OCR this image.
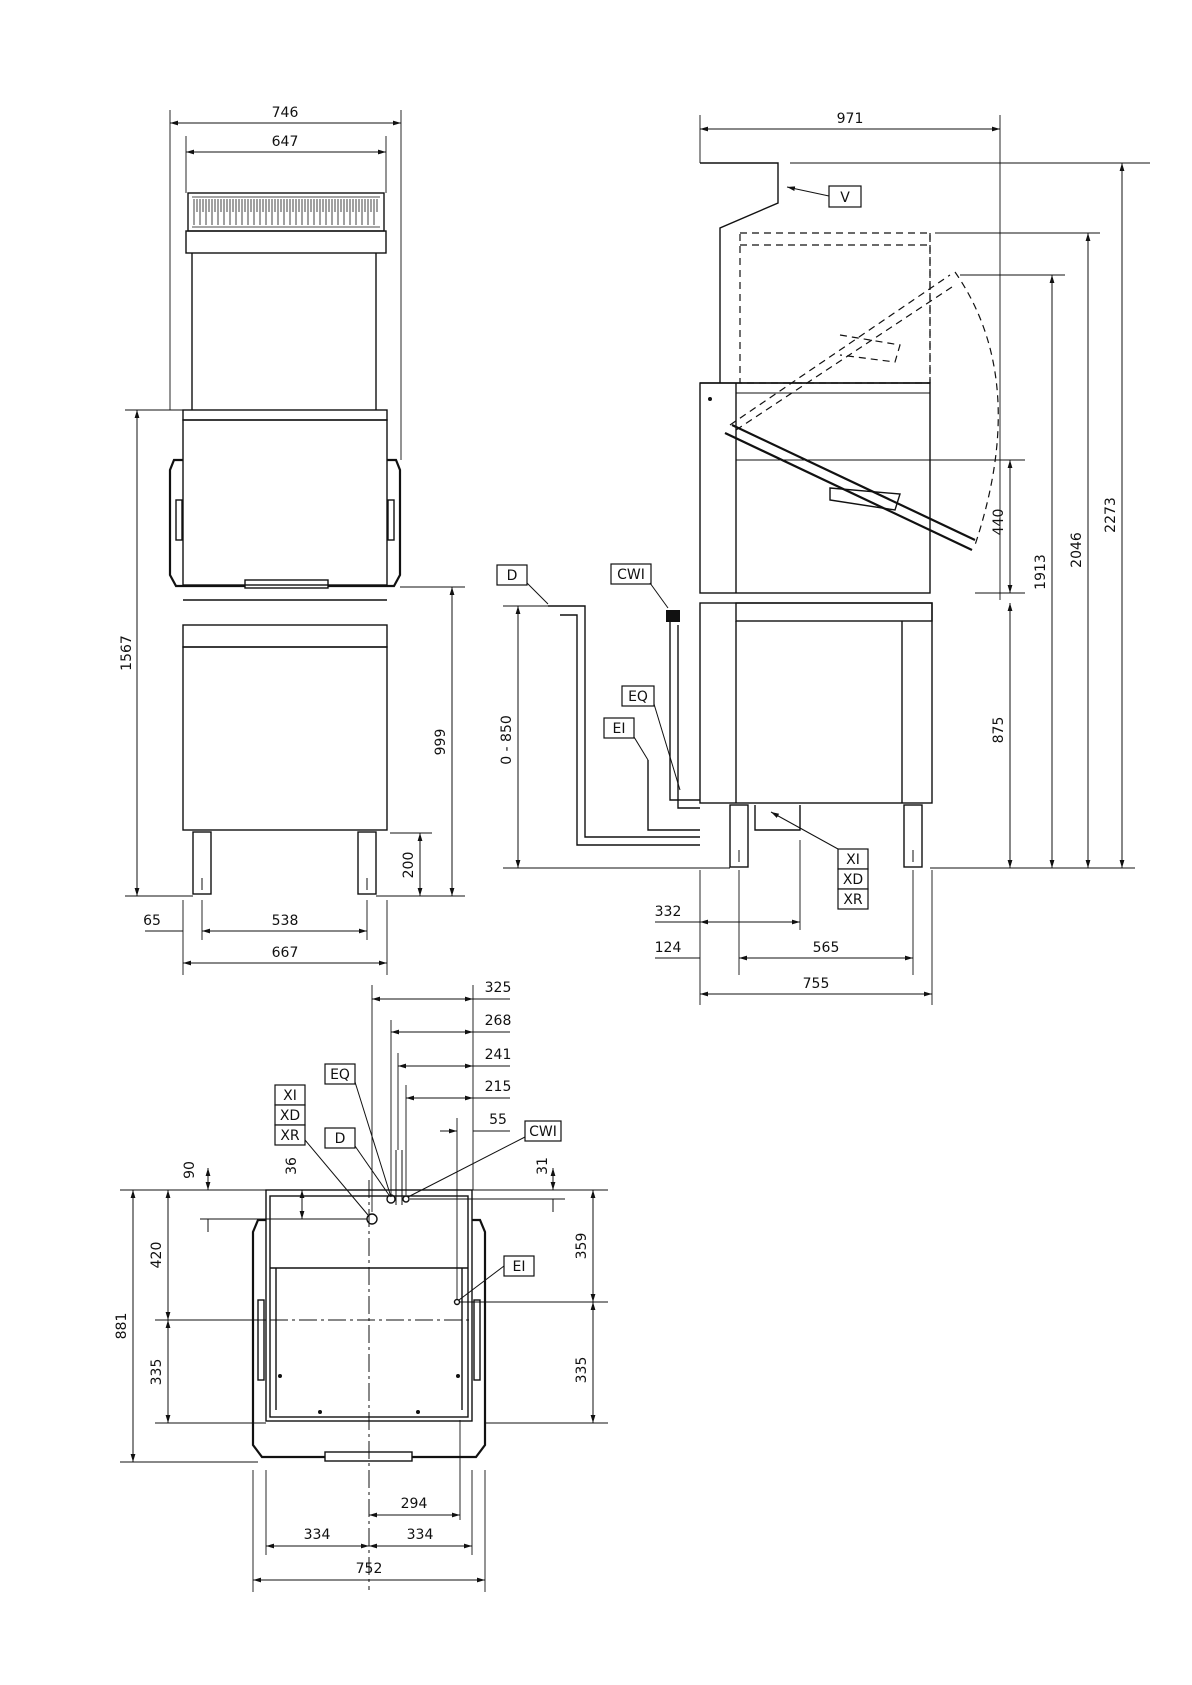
746
647
1567
999
200
65	538
667
V
D	CWI
EQ
EI
XI
XD
XR
971
2273
2046
1913
440
875
0 - 850
332
124	565
755
EQ
XI
XD
XR D	CWI
EI
325
268
241
215
55
90	36
420
335
881
31
359
335
294
334	334
752
